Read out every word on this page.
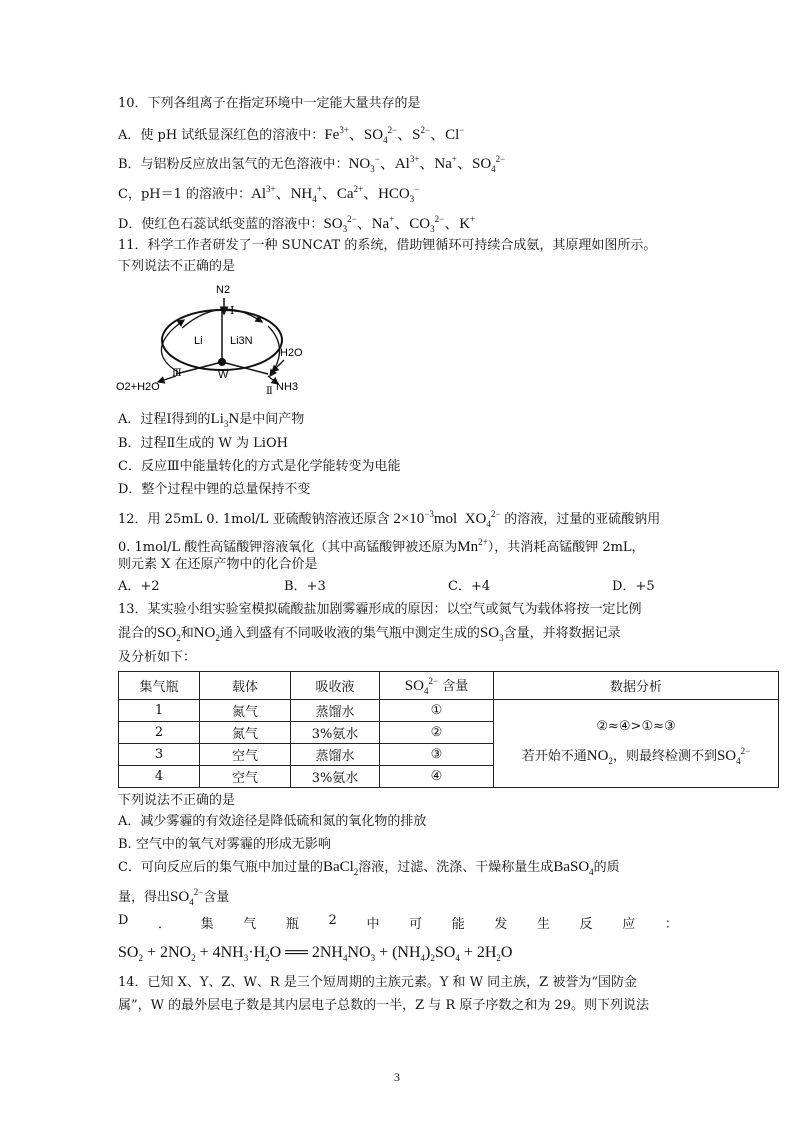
10．下列各组离子在指定环境中一定能大量共存的是
A．使 pH 试纸显深红色的溶液中：$Fe^{3+}$、$SO_4^{2-}$、$S^{2-}$、Cl−
B．与铝粉反应放出氢气的无色溶液中：$NO_3^-$、$Al^{3+}$、Na+、$SO_4^{2-}$
C，pH＝1 的溶液中：$Al^{3+}$、$NH_4^+$、$Ca^{2+}$、$HCO_3^-$
D．使红色石蕊试纸变蓝的溶液中：$SO_3^{2-}$、Na+、$CO_3^{2-}$、K+
11．科学工作者研发了一种 SUNCAT 的系统，借助锂循环可持续合成氨，其原理如图所示。
下列说法不正确的是
N2
Ⅰ
Li Li3N
H2O
W
Ⅲ
Ⅱ
O2+H2O	NH3
A．过程Ⅰ得到的$Li_3N$是中间产物
B．过程Ⅱ生成的 W 为 LiOH
C．反应Ⅲ中能量转化的方式是化学能转变为电能
D．整个过程中锂的总量保持不变
12．用 25mL 0. 1mol/L 亚硫酸钠溶液还原含 $2\times 10^{-3}mol$  $XO_4^{2-}$ 的溶液，过量的亚硫酸钠用
0. 1mol/L 酸性高锰酸钾溶液氧化（其中高锰酸钾被还原为$Mn^{2+}$），共消耗高锰酸钾 2mL，
则元素 X 在还原产物中的化合价是
A．+2	B．+3	C．+4	D．+5
13．某实验小组实验室模拟硫酸盐加剧雾霾形成的原因：以空气或氮气为载体将按一定比例
混合的$SO_2$和$NO_2$通入到盛有不同吸收液的集气瓶中测定生成的$SO_3$含量，并将数据记录
及分析如下：
集气瓶	载体	吸收液	$SO_4^{2-}$ 含量	数据分析
1	氮气	蒸馏水	①	②≈④>①≈③
若开始不通$NO_2$，则最终检测不到$SO_4^{2-}$

2	氮气	3%氨水	②	
3	空气	蒸馏水	③	
4	空气	3%氨水	④	
下列说法不正确的是
A．减少雾霾的有效途径是降低硫和氮的氧化物的排放
B. 空气中的氧气对雾霾的形成无影响
C．可向反应后的集气瓶中加过量的BaCl$_2$溶液，过滤、洗涤、干燥称量生成BaSO$_4$的质
量，得出$SO_4^{2-}$含量
D ． 集 气 瓶 2 中 可 能 发 生 反 应 ：
$SO_2 + 2NO_2 + 4NH_3\cdot H_2O$ ══ $2NH_4NO_3 + (NH_4)_2SO_4 + 2H_2O$
14．已知 X、Y、Z、W、R 是三个短周期的主族元素。Y 和 W 同主族，Z 被誉为“国防金
属”，W 的最外层电子数是其内层电子总数的一半，Z 与 R 原子序数之和为 29。则下列说法
3
